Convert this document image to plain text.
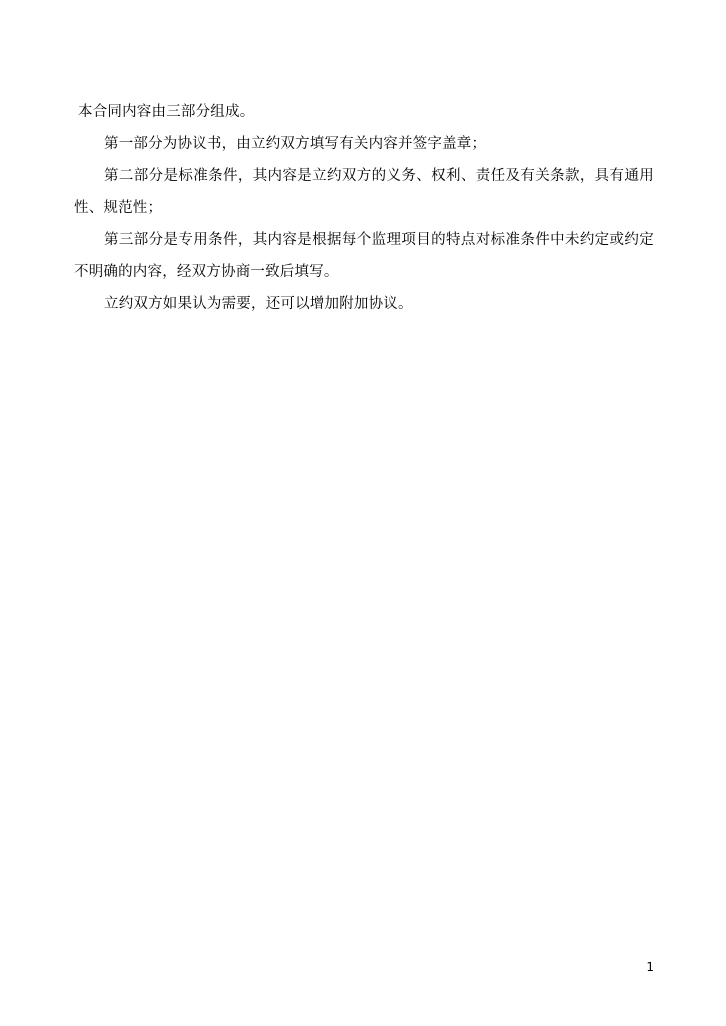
本合同内容由三部分组成。

第一部分为协议书，由立约双方填写有关内容并签字盖章；

第二部分是标准条件，其内容是立约双方的义务、权利、责任及有关条款，具有通用性、规范性；

第三部分是专用条件，其内容是根据每个监理项目的特点对标准条件中未约定或约定不明确的内容，经双方协商一致后填写。

立约双方如果认为需要，还可以增加附加协议。

1
